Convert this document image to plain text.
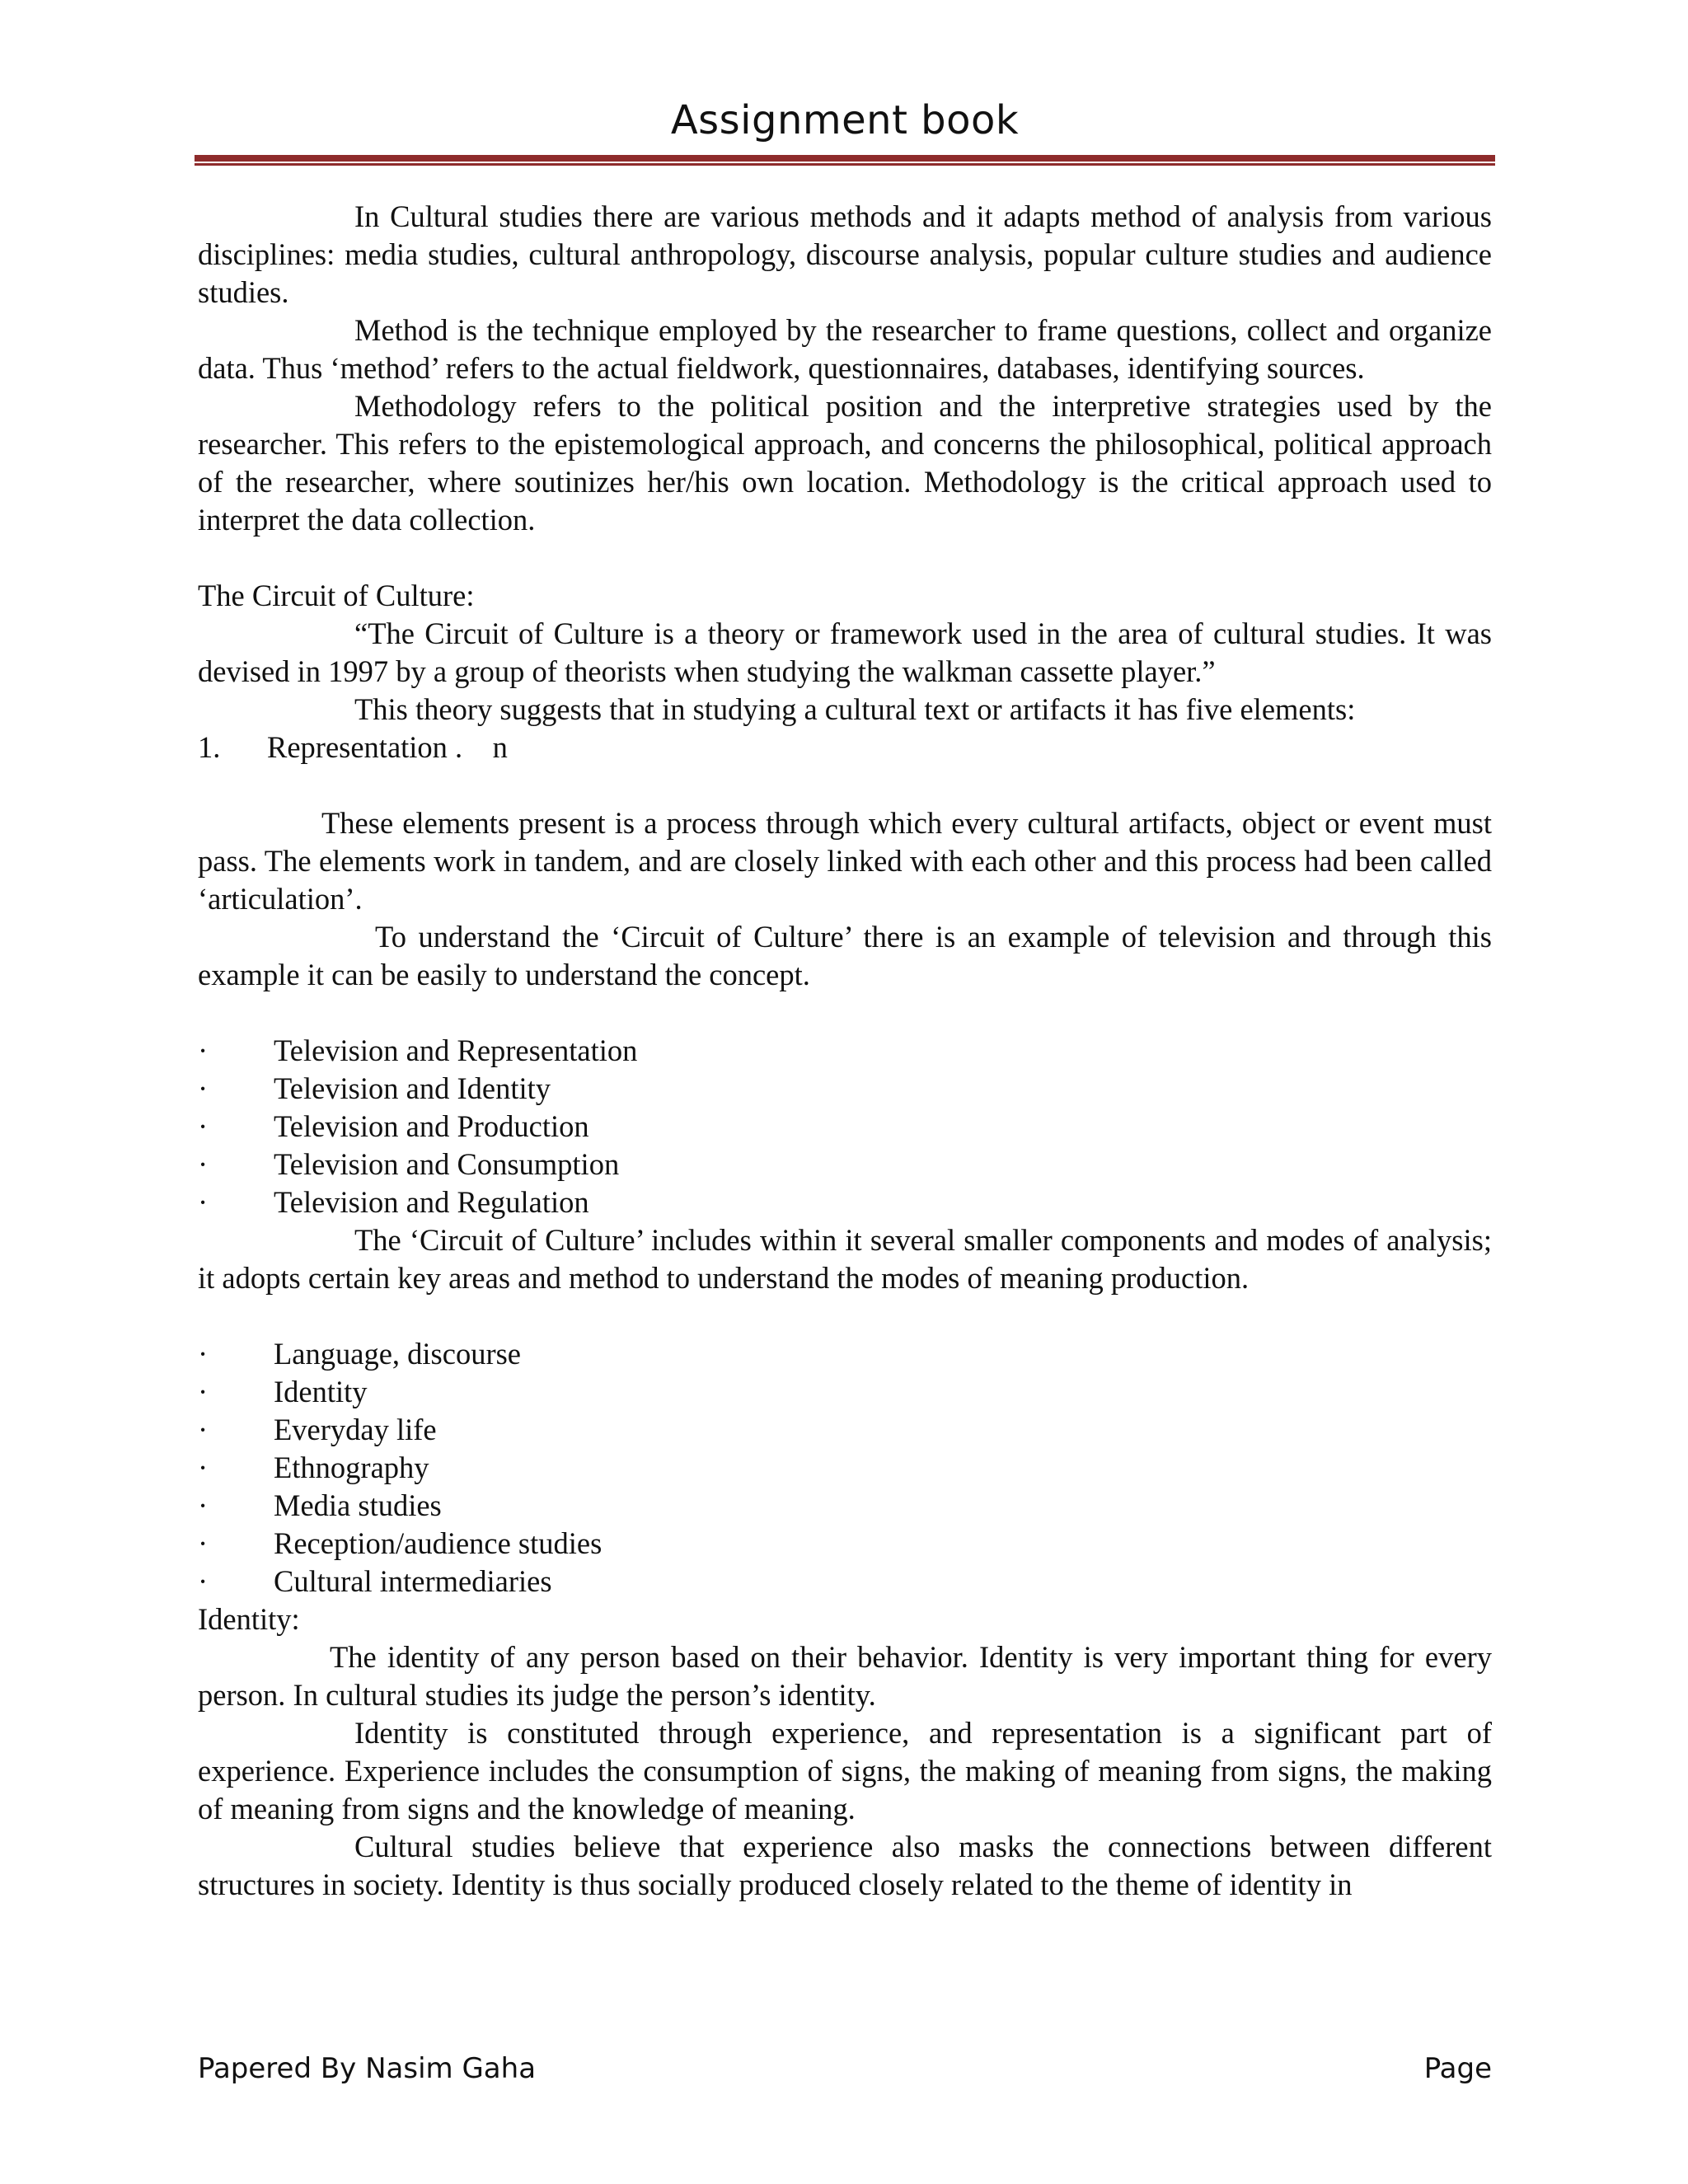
Assignment book

In Cultural studies there are various methods and it adapts method of analysis from various disciplines: media studies, cultural anthropology, discourse analysis, popular culture studies and audience studies.

Method is the technique employed by the researcher to frame questions, collect and organize data. Thus ‘method’ refers to the actual fieldwork, questionnaires, databases, identifying sources.

Methodology refers to the political position and the interpretive strategies used by the researcher. This refers to the epistemological approach, and concerns the philosophical, political approach of the researcher, where soutinizes her/his own location. Methodology is the critical approach used to interpret the data collection.

The Circuit of Culture:

“The Circuit of Culture is a theory or framework used in the area of cultural studies. It was devised in 1997 by a group of theorists when studying the walkman cassette player.”

This theory suggests that in studying a cultural text or artifacts it has five elements:

1.	Representation .    n

These elements present is a process through which every cultural artifacts, object or event must pass. The elements work in tandem, and are closely linked with each other and this process had been called ‘articulation’.

To understand the ‘Circuit of Culture’ there is an example of television and through this example it can be easily to understand the concept.

·	Television and Representation
·	Television and Identity
·	Television and Production
·	Television and Consumption
·	Television and Regulation

The ‘Circuit of Culture’ includes within it several smaller components and modes of analysis; it adopts certain key areas and method to understand the modes of meaning production.

·	Language, discourse
·	Identity
·	Everyday life
·	Ethnography
·	Media studies
·	Reception/audience studies
·	Cultural intermediaries

Identity:

The identity of any person based on their behavior. Identity is very important thing for every person. In cultural studies its judge the person’s identity.

Identity is constituted through experience, and representation is a significant part of experience. Experience includes the consumption of signs, the making of meaning from signs, the making of meaning from signs and the knowledge of meaning.

Cultural studies believe that experience also masks the connections between different structures in society. Identity is thus socially produced closely related to the theme of identity in

Papered By Nasim Gaha	Page
